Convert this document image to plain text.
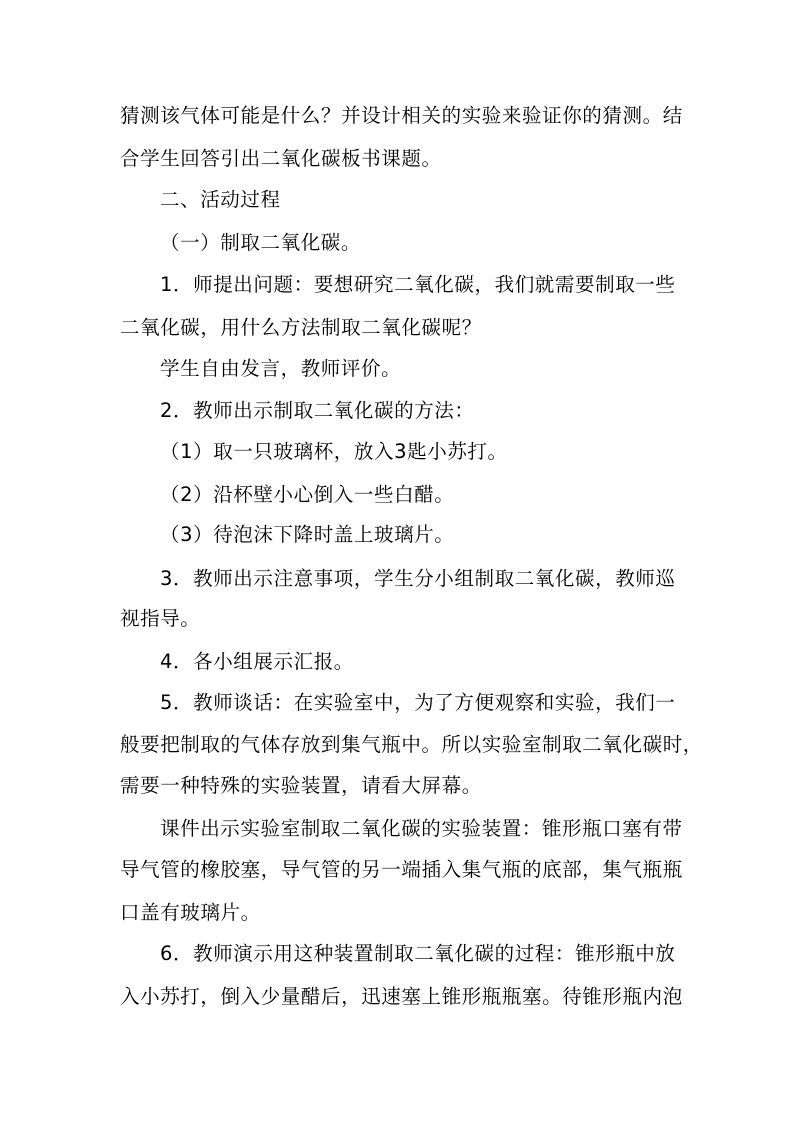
猜测该气体可能是什么？并设计相关的实验来验证你的猜测。结
合学生回答引出二氧化碳板书课题。
二、活动过程
（一）制取二氧化碳。
1．师提出问题：要想研究二氧化碳，我们就需要制取一些
二氧化碳，用什么方法制取二氧化碳呢？
学生自由发言，教师评价。
2．教师出示制取二氧化碳的方法：
（1）取一只玻璃杯，放入3匙小苏打。
（2）沿杯壁小心倒入一些白醋。
（3）待泡沫下降时盖上玻璃片。
3．教师出示注意事项，学生分小组制取二氧化碳，教师巡
视指导。
4．各小组展示汇报。
5．教师谈话：在实验室中，为了方便观察和实验，我们一
般要把制取的气体存放到集气瓶中。所以实验室制取二氧化碳时，
需要一种特殊的实验装置，请看大屏幕。
课件出示实验室制取二氧化碳的实验装置：锥形瓶口塞有带
导气管的橡胶塞，导气管的另一端插入集气瓶的底部，集气瓶瓶
口盖有玻璃片。
6．教师演示用这种装置制取二氧化碳的过程：锥形瓶中放
入小苏打，倒入少量醋后，迅速塞上锥形瓶瓶塞。待锥形瓶内泡
